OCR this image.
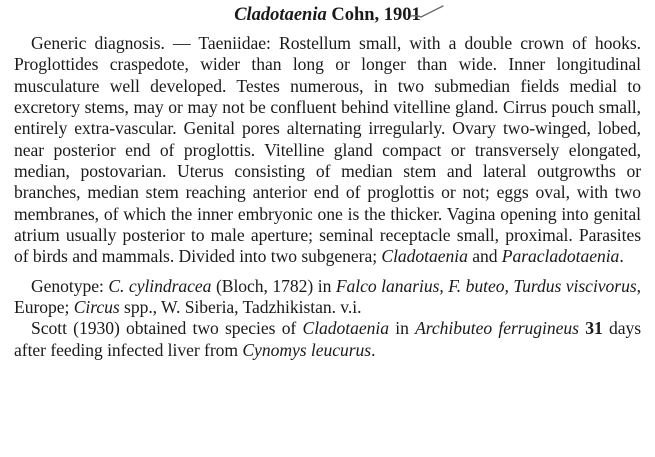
Cladotaenia Cohn, 1901

Generic diagnosis. — Taeniidae: Rostellum small, with a double crown of hooks. Proglottides craspedote, wider than long or longer than wide. Inner longitudinal musculature well developed. Testes numerous, in two submedian fields medial to excretory stems, may or may not be confluent behind vitelline gland. Cirrus pouch small, entirely extra-vascular. Genital pores alternating irregularly. Ovary two-winged, lobed, near posterior end of proglottis. Vitelline gland compact or transversely elongated, median, postovarian. Uterus consisting of median stem and lateral outgrowths or branches, median stem reaching anterior end of proglottis or not; eggs oval, with two membranes, of which the inner embryonic one is the thicker. Vagina opening into genital atrium usually posterior to male aperture; seminal receptacle small, proximal. Parasites of birds and mammals. Divided into two subgenera; Cladotaenia and Paracladotaenia.

Genotype: C. cylindracea (Bloch, 1782) in Falco lanarius, F. buteo, Turdus viscivorus, Europe; Circus spp., W. Siberia, Tadzhikistan. v.i.

Scott (1930) obtained two species of Cladotaenia in Archibuteo ferrugineus 31 days after feeding infected liver from Cynomys leucurus.
